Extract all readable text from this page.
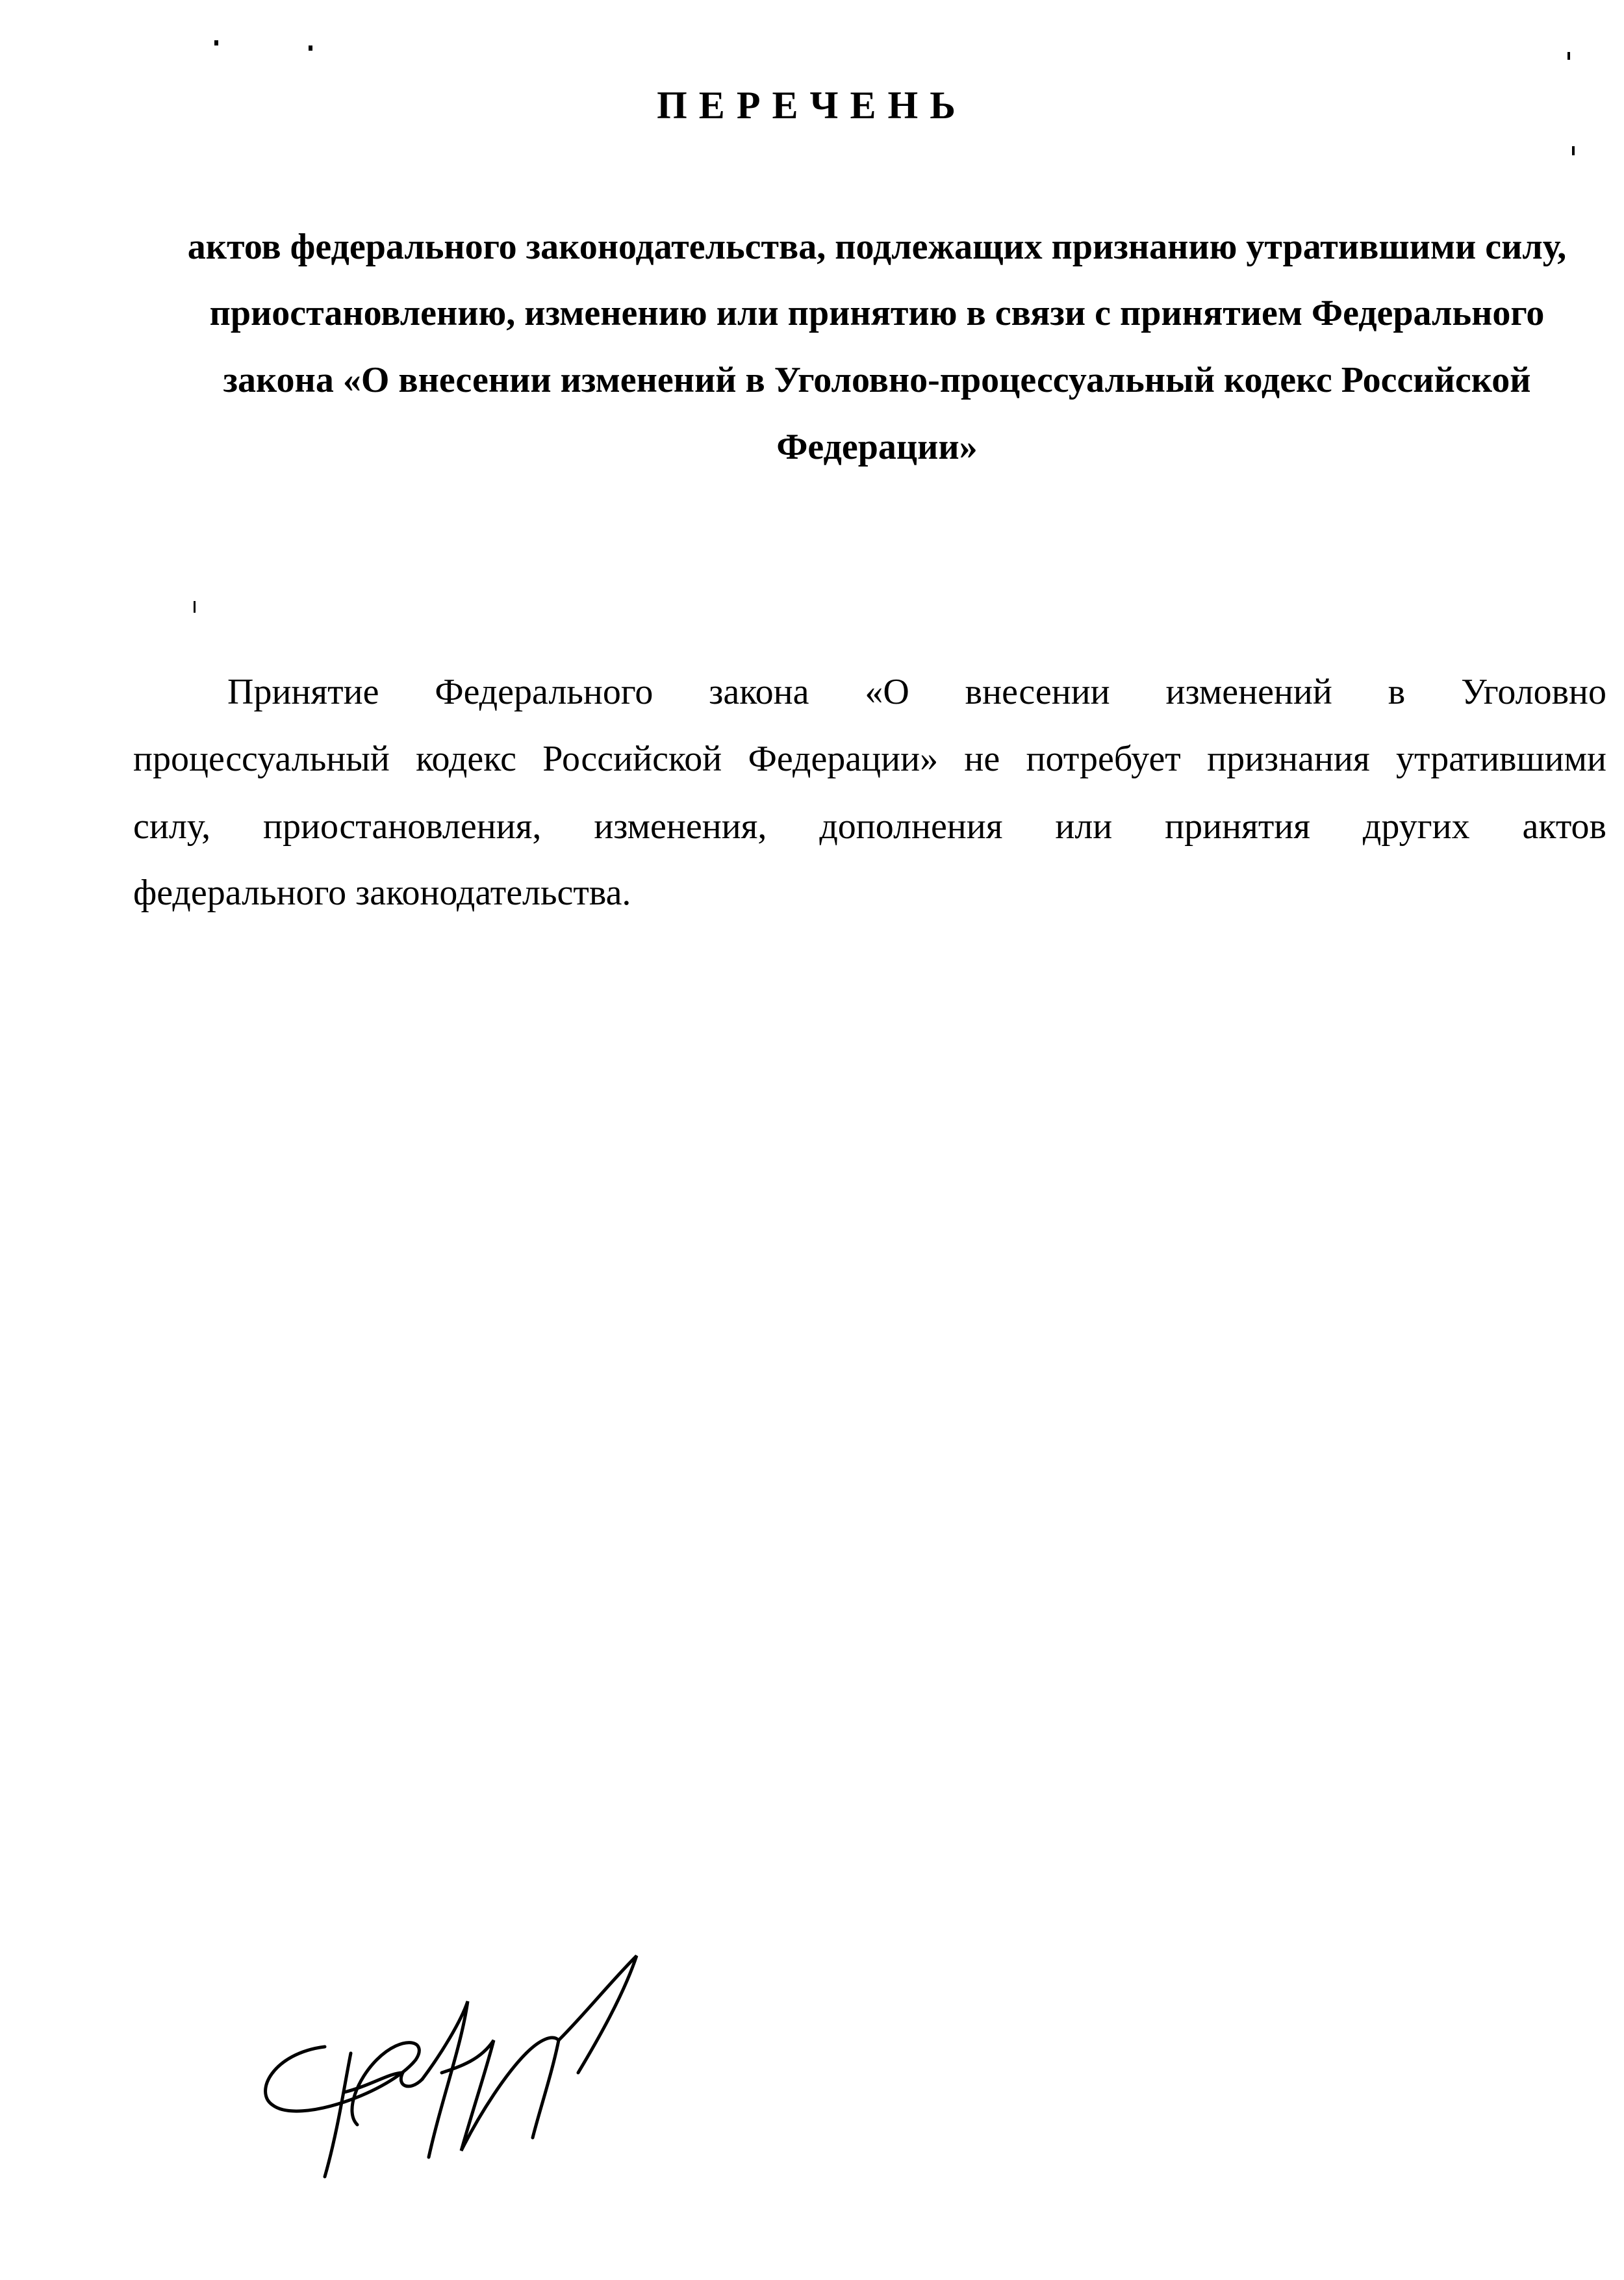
ПЕРЕЧЕНЬ
актов федерального законодательства, подлежащих признанию утратившими силу,
приостановлению, изменению или принятию в связи с принятием Федерального
закона «О внесении изменений в Уголовно-процессуальный кодекс Российской
Федерации»
Принятие Федерального закона «О внесении изменений в Уголовно
процессуальный кодекс Российской Федерации» не потребует признания утратившими
силу, приостановления, изменения, дополнения или принятия других актов
федерального законодательства.
